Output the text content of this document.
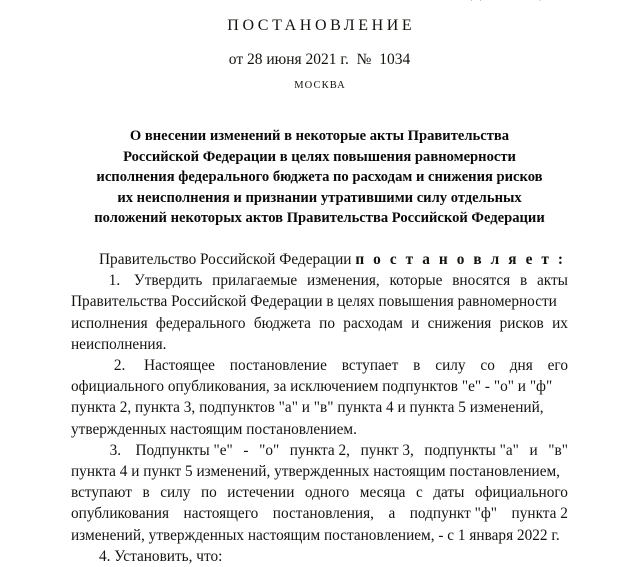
ПОСТАНОВЛЕНИЕ
от 28 июня 2021 г.  №  1034
МОСКВА
О внесении изменений в некоторые акты Правительства
Российской Федерации в целях повышения равномерности
исполнения федерального бюджета по расходам и снижения рисков
их неисполнения и признании утратившими силу отдельных
положений некоторых актов Правительства Российской Федерации

Правительство Российской Федерации п о с т а н о в л я е т :

1. Утвердить прилагаемые изменения, которые вносятся в акты
Правительства Российской Федерации в целях повышения равномерности
исполнения федерального бюджета по расходам и снижения рисков их
неисполнения.

2. Настоящее постановление вступает в силу со дня его
официального опубликования, за исключением подпунктов "е" - "о" и "ф"
пункта 2, пункта 3, подпунктов "а" и "в" пункта 4 и пункта 5 изменений,
утвержденных настоящим постановлением.

3. Подпункты "е" - "о" пункта 2, пункт 3, подпункты "а" и "в"
пункта 4 и пункт 5 изменений, утвержденных настоящим постановлением,
вступают в силу по истечении одного месяца с даты официального
опубликования настоящего постановления, а подпункт "ф" пункта 2
изменений, утвержденных настоящим постановлением, - с 1 января 2022 г.

4. Установить, что:
